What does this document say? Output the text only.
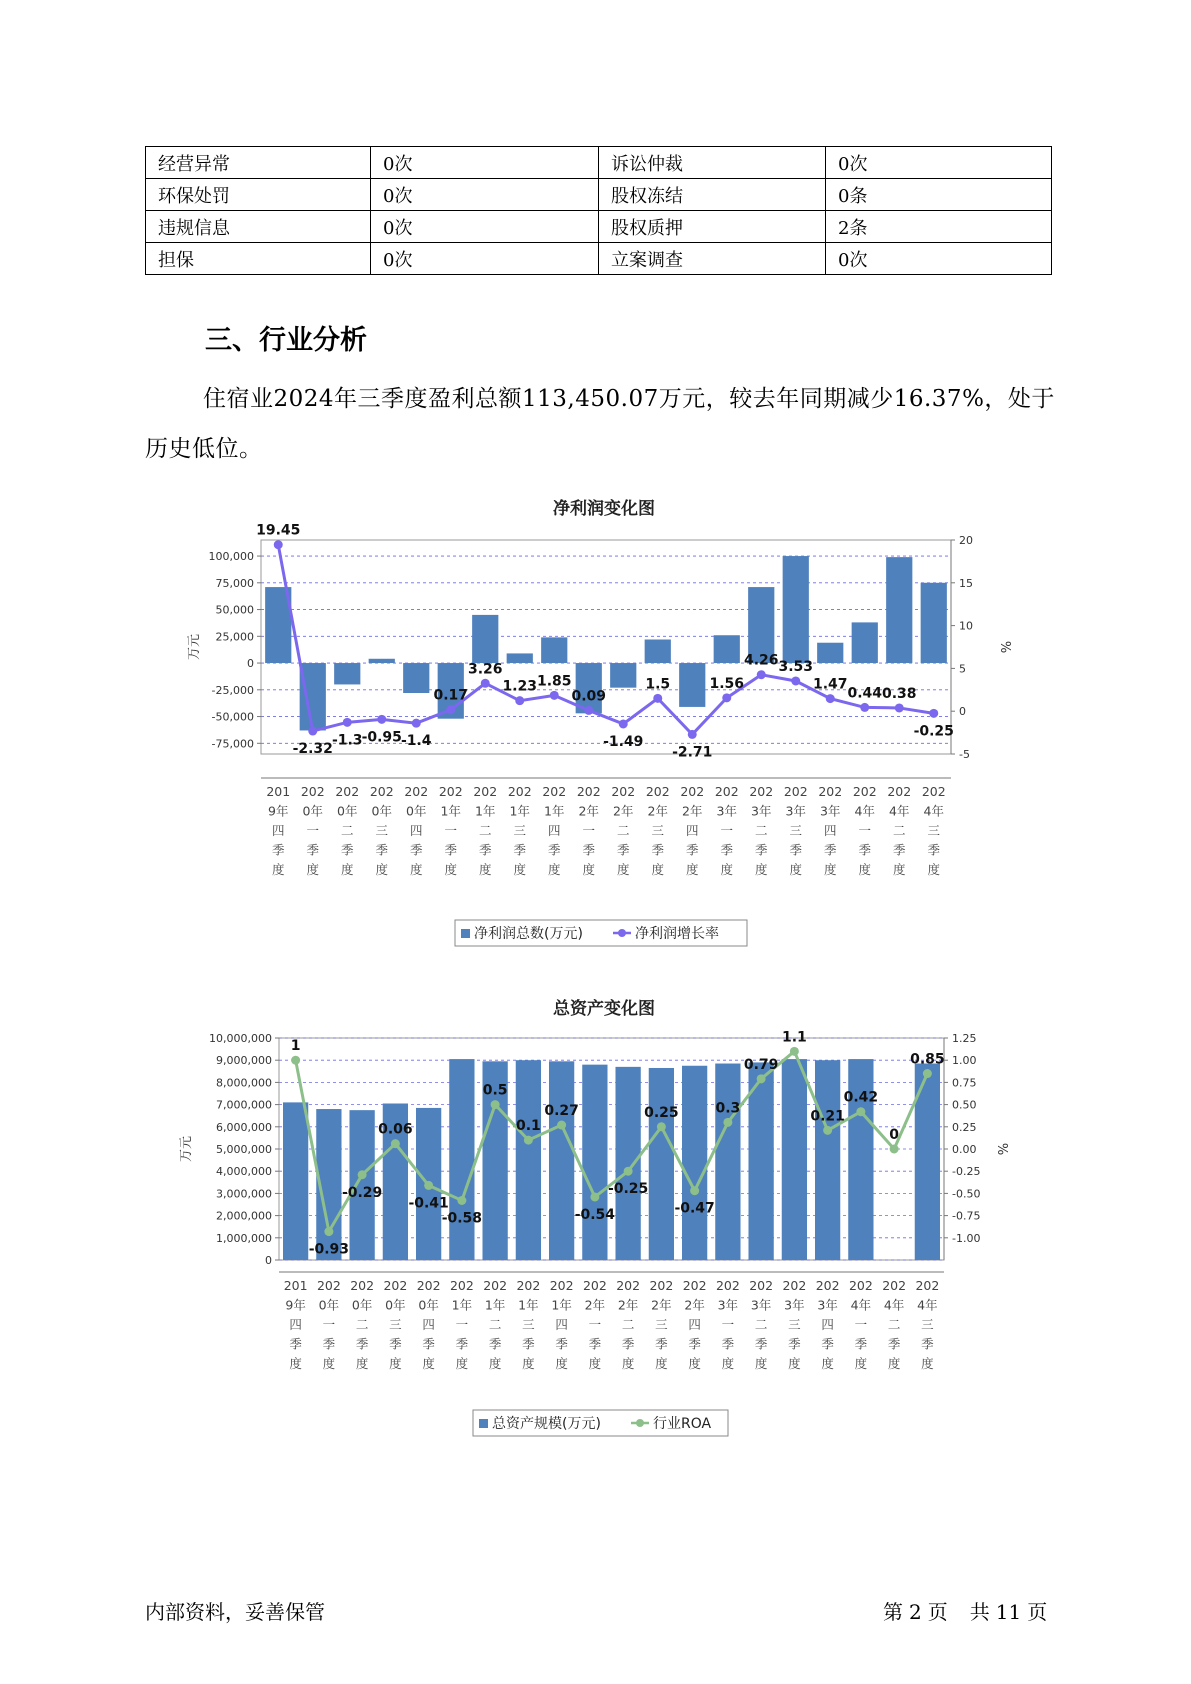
经营异常	0次	诉讼仲裁	0次
环保处罚	0次	股权冻结	0条
违规信息	0次	股权质押	2条
担保	0次	立案调查	0次
三、行业分析

住宿业2024年三季度盈利总额113,450.07万元，较去年同期减少16.37%，处于历史低位。

净利润变化图
100,000
75,000
50,000
25,000
0
-25,000
-50,000
-75,000
20
15
10
5
0
-5
万元	%
201
9年
四
季
度
202
0年
一
季
度
202
0年
二
季
度
202
0年
三
季
度
202
0年
四
季
度
202
1年
一
季
度
202
1年
二
季
度
202
1年
三
季
度
202
1年
四
季
度
202
2年
一
季
度
202
2年
二
季
度
202
2年
三
季
度
202
2年
四
季
度
202
3年
一
季
度
202
3年
二
季
度
202
3年
三
季
度
202
3年
四
季
度
202
4年
一
季
度
202
4年
二
季
度
202
4年
三
季
度
19.45
-2.32
-1.3 -0.95 -1.4
0.17
3.26
1.23 1.85
0.09
-1.49
1.5
-2.71
1.56
4.26 3.53
1.47
0.44 0.38
-0.25
净利润总数(万元)	净利润增长率
总资产变化图
10,000,000
9,000,000
8,000,000
7,000,000
6,000,000
5,000,000
4,000,000
3,000,000
2,000,000
1,000,000
0
1.25
1.00
0.75
0.50
0.25
0.00
-0.25
-0.50
-0.75
-1.00
万元	%
201
9年
四
季
度
202
0年
一
季
度
202
0年
二
季
度
202
0年
三
季
度
202
0年
四
季
度
202
1年
一
季
度
202
1年
二
季
度
202
1年
三
季
度
202
1年
四
季
度
202
2年
一
季
度
202
2年
二
季
度
202
2年
三
季
度
202
2年
四
季
度
202
3年
一
季
度
202
3年
二
季
度
202
3年
三
季
度
202
3年
四
季
度
202
4年
一
季
度
202
4年
二
季
度
202
4年
三
季
度
1
-0.93
-0.29
0.06
-0.41
-0.58
0.5
0.1
0.27
-0.54
-0.25
0.25
-0.47
0.3
0.79
1.1
0.21
0.42
0
0.85
总资产规模(万元)	行业ROA
内部资料，妥善保管	第 2 页 共 11 页
